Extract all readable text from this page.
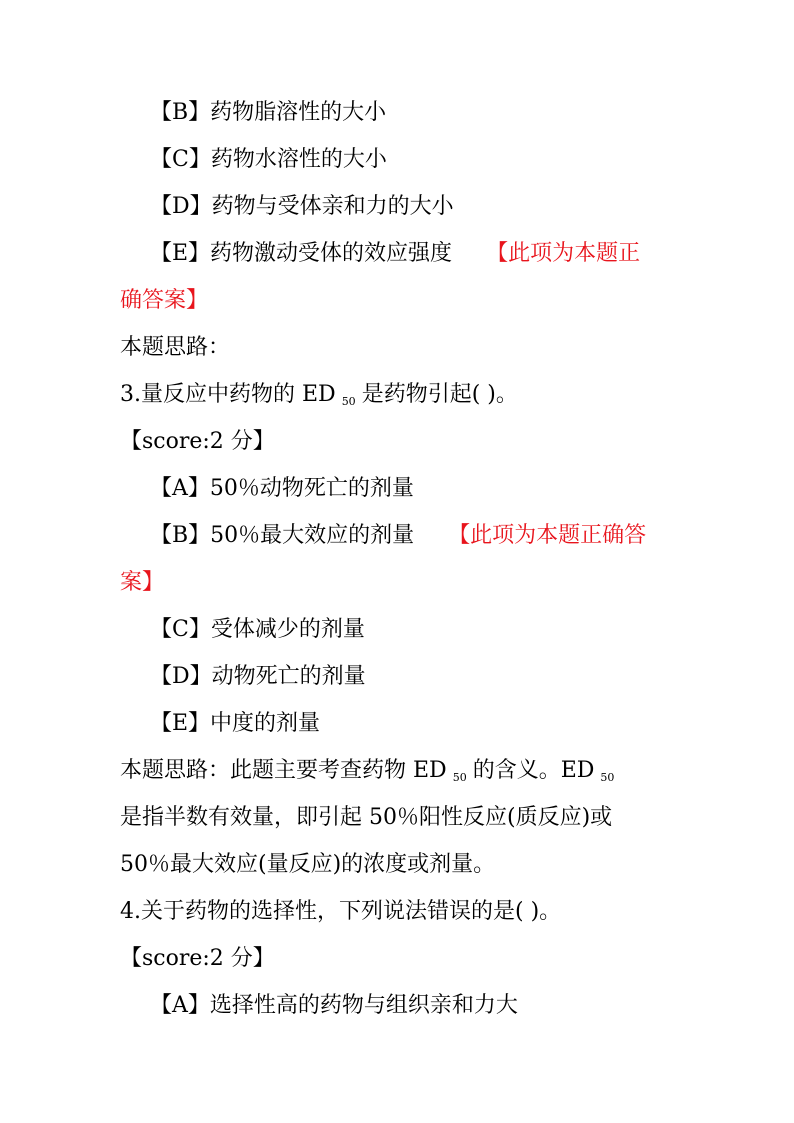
【B】药物脂溶性的大小
【C】药物水溶性的大小
【D】药物与受体亲和力的大小
【E】药物激动受体的效应强度 【此项为本题正
确答案】
本题思路：
3.量反应中药物的 ED $_{50}$ 是药物引起( )。
【score:2 分】
【A】50％动物死亡的剂量
【B】50％最大效应的剂量 【此项为本题正确答
案】
【C】受体减少的剂量
【D】动物死亡的剂量
【E】中度的剂量
本题思路：此题主要考查药物 ED $_{50}$ 的含义。ED $_{50}$
是指半数有效量，即引起 50％阳性反应(质反应)或
50％最大效应(量反应)的浓度或剂量。
4.关于药物的选择性，下列说法错误的是( )。
【score:2 分】
【A】选择性高的药物与组织亲和力大
